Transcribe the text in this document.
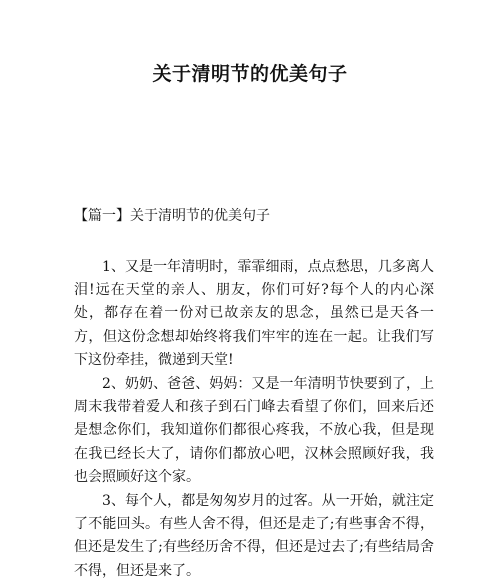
关于清明节的优美句子
【篇一】关于清明节的优美句子

1、又是一年清明时，霏霏细雨，点点愁思，几多离人泪!远在天堂的亲人、朋友，你们可好?每个人的内心深处，都存在着一份对已故亲友的思念，虽然已是天各一方，但这份念想却始终将我们牢牢的连在一起。让我们写下这份牵挂，微递到天堂!

2、奶奶、爸爸、妈妈：又是一年清明节快要到了，上周末我带着爱人和孩子到石门峰去看望了你们，回来后还是想念你们，我知道你们都很心疼我，不放心我，但是现在我已经长大了，请你们都放心吧，汉林会照顾好我，我也会照顾好这个家。

3、每个人，都是匆匆岁月的过客。从一开始，就注定了不能回头。有些人舍不得，但还是走了;有些事舍不得，但还是发生了;有些经历舍不得，但还是过去了;有些结局舍不得，但还是来了。
